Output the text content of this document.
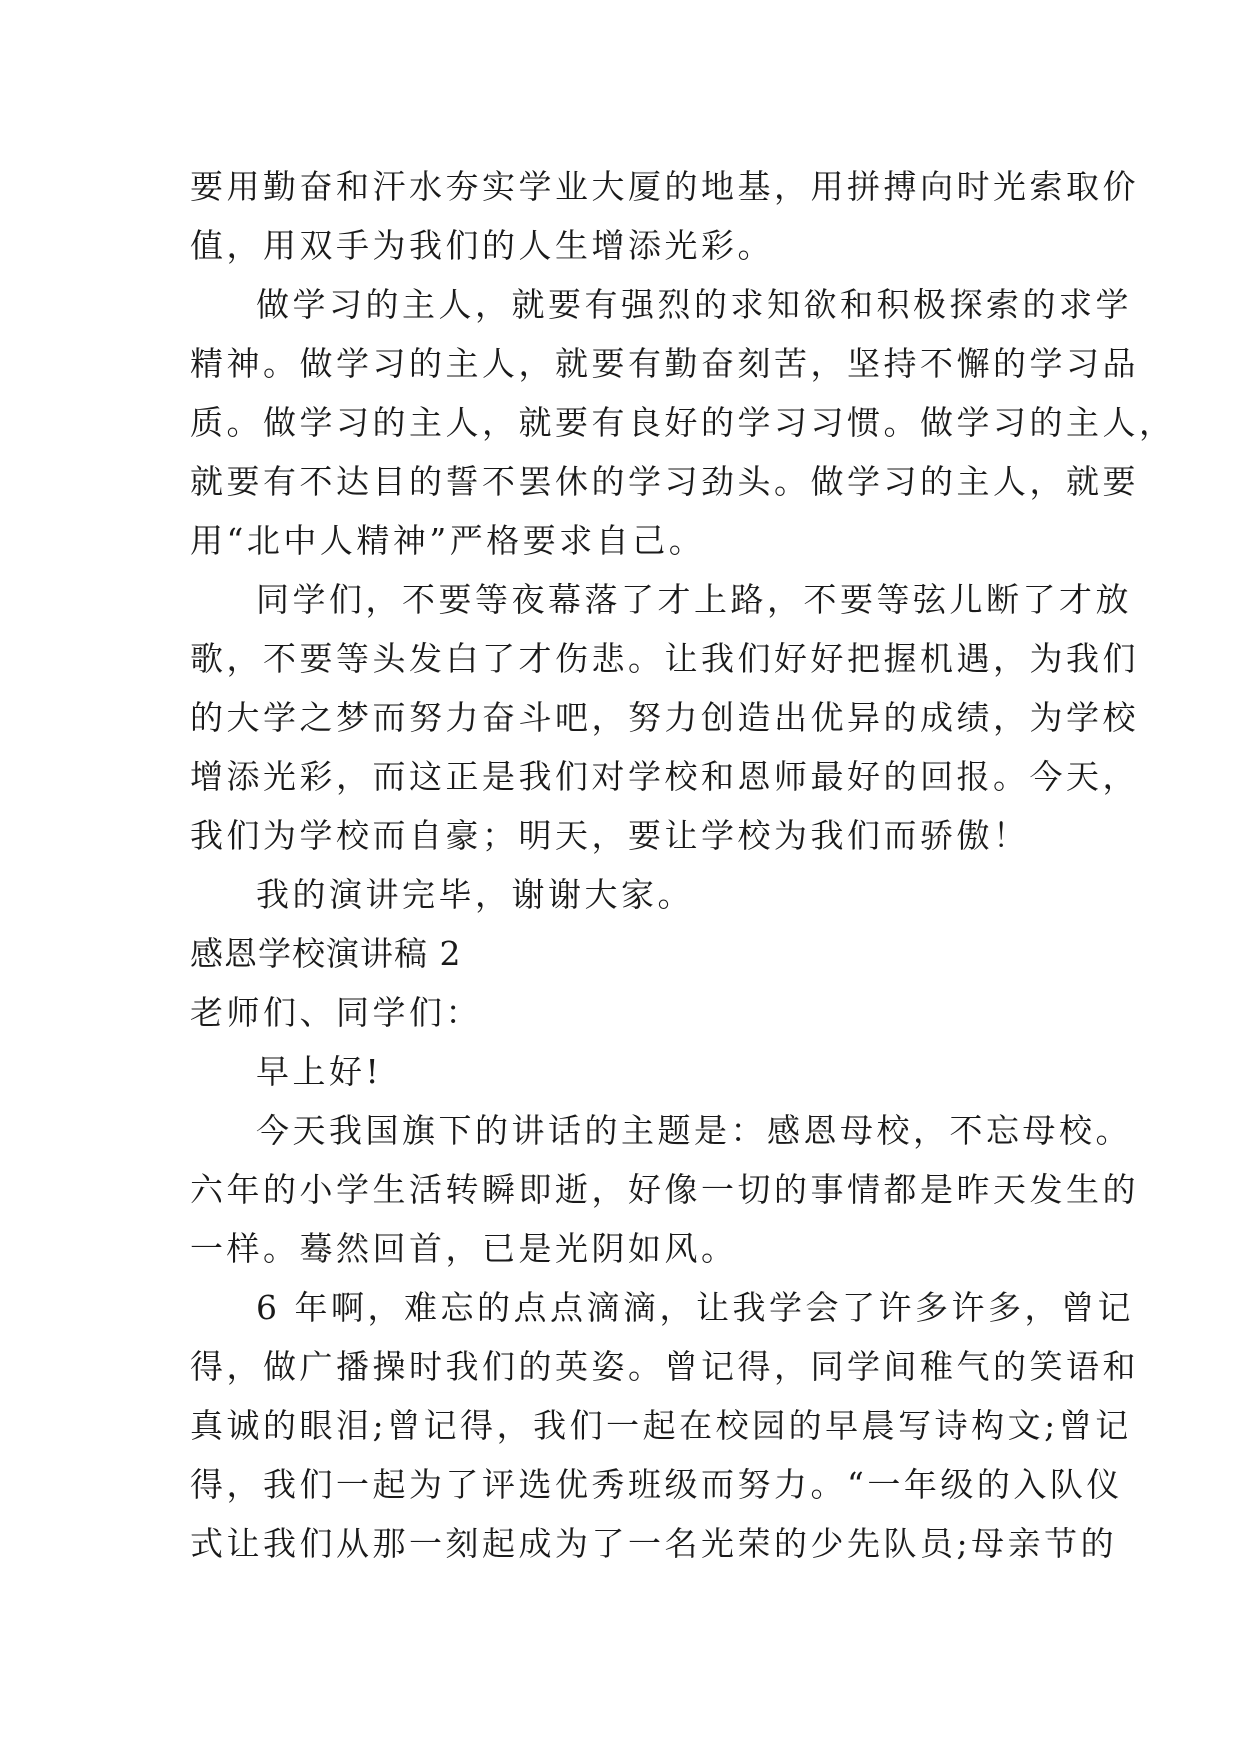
要用勤奋和汗水夯实学业大厦的地基，用拼搏向时光索取价
值，用双手为我们的人生增添光彩。
做学习的主人，就要有强烈的求知欲和积极探索的求学
精神。做学习的主人，就要有勤奋刻苦，坚持不懈的学习品
质。做学习的主人，就要有良好的学习习惯。做学习的主人，
就要有不达目的誓不罢休的学习劲头。做学习的主人，就要
用“北中人精神”严格要求自己。
同学们，不要等夜幕落了才上路，不要等弦儿断了才放
歌，不要等头发白了才伤悲。让我们好好把握机遇，为我们
的大学之梦而努力奋斗吧，努力创造出优异的成绩，为学校
增添光彩，而这正是我们对学校和恩师最好的回报。今天，
我们为学校而自豪；明天，要让学校为我们而骄傲！
我的演讲完毕，谢谢大家。
感恩学校演讲稿 2
老师们、同学们：
早上好!
今天我国旗下的讲话的主题是：感恩母校，不忘母校。
六年的小学生活转瞬即逝，好像一切的事情都是昨天发生的
一样。蓦然回首，已是光阴如风。
6 年啊，难忘的点点滴滴，让我学会了许多许多，曾记
得，做广播操时我们的英姿。曾记得，同学间稚气的笑语和
真诚的眼泪;曾记得，我们一起在校园的早晨写诗构文;曾记
得，我们一起为了评选优秀班级而努力。“一年级的入队仪
式让我们从那一刻起成为了一名光荣的少先队员;母亲节的
